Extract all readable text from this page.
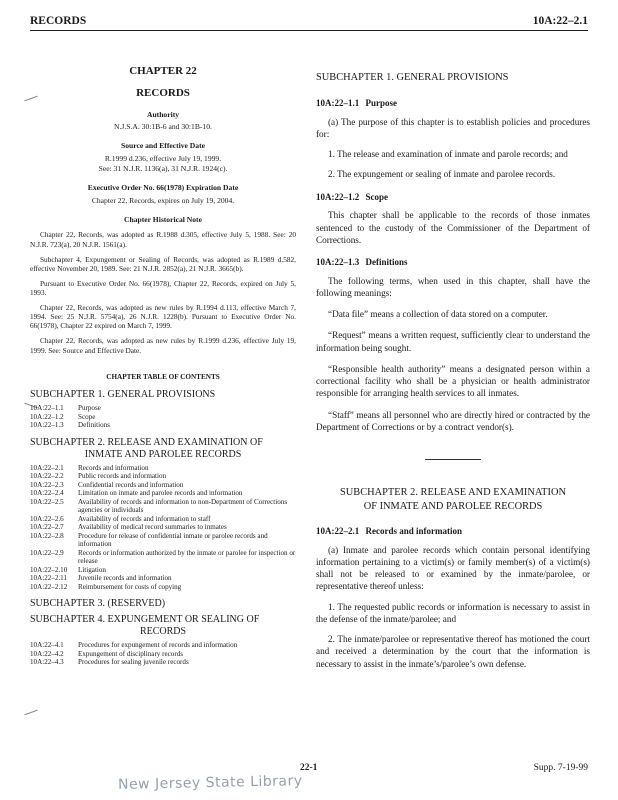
RECORDS	10A:22–2.1
CHAPTER 22
RECORDS
Authority
N.J.S.A. 30:1B-6 and 30:1B-10.
Source and Effective Date
R.1999 d.236, effective July 19, 1999.
See: 31 N.J.R. 1136(a), 31 N.J.R. 1924(c).
Executive Order No. 66(1978) Expiration Date
Chapter 22, Records, expires on July 19, 2004.
Chapter Historical Note
Chapter 22, Records, was adopted as R.1988 d.305, effective July 5, 1988. See: 20 N.J.R. 723(a), 20 N.J.R. 1561(a).
Subchapter 4, Expungement or Sealing of Records, was adopted as R.1989 d.582, effective November 20, 1989. See: 21 N.J.R. 2852(a), 21 N.J.R. 3665(b).
Pursuant to Executive Order No. 66(1978), Chapter 22, Records, expired on July 5, 1993.
Chapter 22, Records, was adopted as new rules by R.1994 d.113, effective March 7, 1994. See: 25 N.J.R. 5754(a), 26 N.J.R. 1228(b). Pursuant to Executive Order No. 66(1978), Chapter 22 expired on March 7, 1999.
Chapter 22, Records, was adopted as new rules by R.1999 d.236, effective July 19, 1999. See: Source and Effective Date.
CHAPTER TABLE OF CONTENTS
SUBCHAPTER 1. GENERAL PROVISIONS
10A:22–1.1	Purpose
10A:22–1.2	Scope
10A:22–1.3	Definitions
SUBCHAPTER 2. RELEASE AND EXAMINATION OF
INMATE AND PAROLEE RECORDS
10A:22–2.1	Records and information
10A:22–2.2	Public records and information
10A:22–2.3	Confidential records and information
10A:22–2.4	Limitation on inmate and parolee records and information
10A:22–2.5	Availability of records and information to non-Department of Corrections agencies or individuals
10A:22–2.6	Availability of records and information to staff
10A:22–2.7	Availability of medical record summaries to inmates
10A:22–2.8	Procedure for release of confidential inmate or parolee records and information
10A:22–2.9	Records or information authorized by the inmate or parolee for inspection or release
10A:22–2.10	Litigation
10A:22–2.11	Juvenile records and information
10A:22–2.12	Reimbursement for costs of copying
SUBCHAPTER 3. (RESERVED)
SUBCHAPTER 4. EXPUNGEMENT OR SEALING OF
RECORDS
10A:22–4.1	Procedures for expungement of records and information
10A:22–4.2	Expungement of disciplinary records
10A:22–4.3	Procedures for sealing juvenile records
SUBCHAPTER 1. GENERAL PROVISIONS
10A:22–1.1 Purpose
(a) The purpose of this chapter is to establish policies and procedures for:
1. The release and examination of inmate and parole records; and
2. The expungement or sealing of inmate and parolee records.
10A:22–1.2 Scope
This chapter shall be applicable to the records of those inmates sentenced to the custody of the Commissioner of the Department of Corrections.
10A:22–1.3 Definitions
The following terms, when used in this chapter, shall have the following meanings:
“Data file” means a collection of data stored on a computer.
“Request” means a written request, sufficiently clear to understand the information being sought.
“Responsible health authority” means a designated person within a correctional facility who shall be a physician or health administrator responsible for arranging health services to all inmates.
“Staff” means all personnel who are directly hired or contracted by the Department of Corrections or by a contract vendor(s).
SUBCHAPTER 2. RELEASE AND EXAMINATION
OF INMATE AND PAROLEE RECORDS
10A:22–2.1 Records and information
(a) Inmate and parolee records which contain personal identifying information pertaining to a victim(s) or family member(s) of a victim(s) shall not be released to or examined by the inmate/parolee, or representative thereof unless:
1. The requested public records or information is necessary to assist in the defense of the inmate/parolee; and
2. The inmate/parolee or representative thereof has motioned the court and received a determination by the court that the information is necessary to assist in the inmate’s/parolee’s own defense.
22-1	Supp. 7-19-99
New Jersey State Library
